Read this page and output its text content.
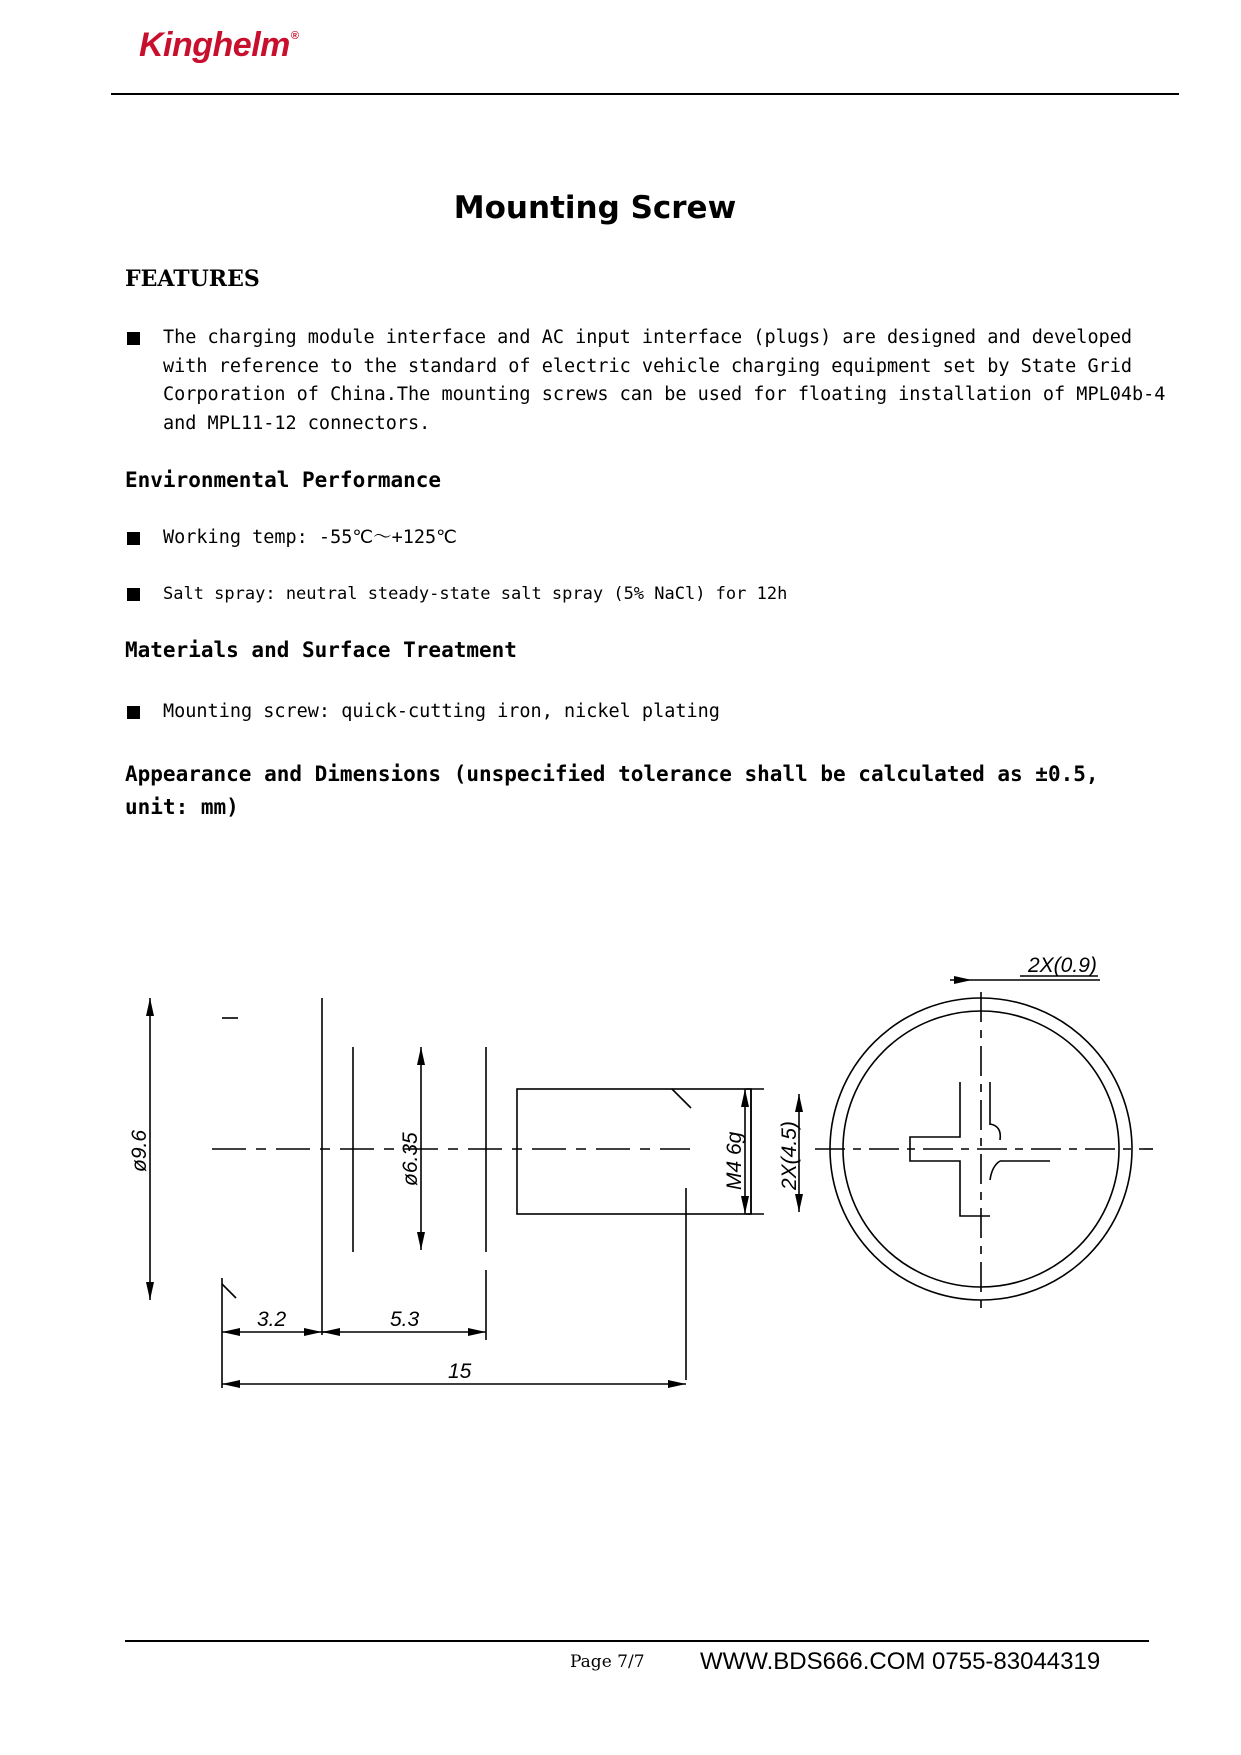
Kinghelm®
Mounting Screw
FEATURES
The charging module interface and AC input interface (plugs) are designed and developed with reference to the standard of electric vehicle charging equipment set by State Grid Corporation of China.The mounting screws can be used for floating installation of MPL04b-4 and MPL11-12 connectors.
Environmental Performance
Working temp: -55℃～+125℃
Salt spray: neutral steady-state salt spray (5% NaCl) for 12h
Materials and Surface Treatment
Mounting screw: quick-cutting iron, nickel plating
Appearance and Dimensions (unspecified tolerance shall be calculated as ±0.5, unit: mm)
ø9.6	ø6.35	M4 6g 2X(4.5)
2X(0.9)
3.2	5.3
15
Page 7/7 WWW.BDS666.COM 0755-83044319
